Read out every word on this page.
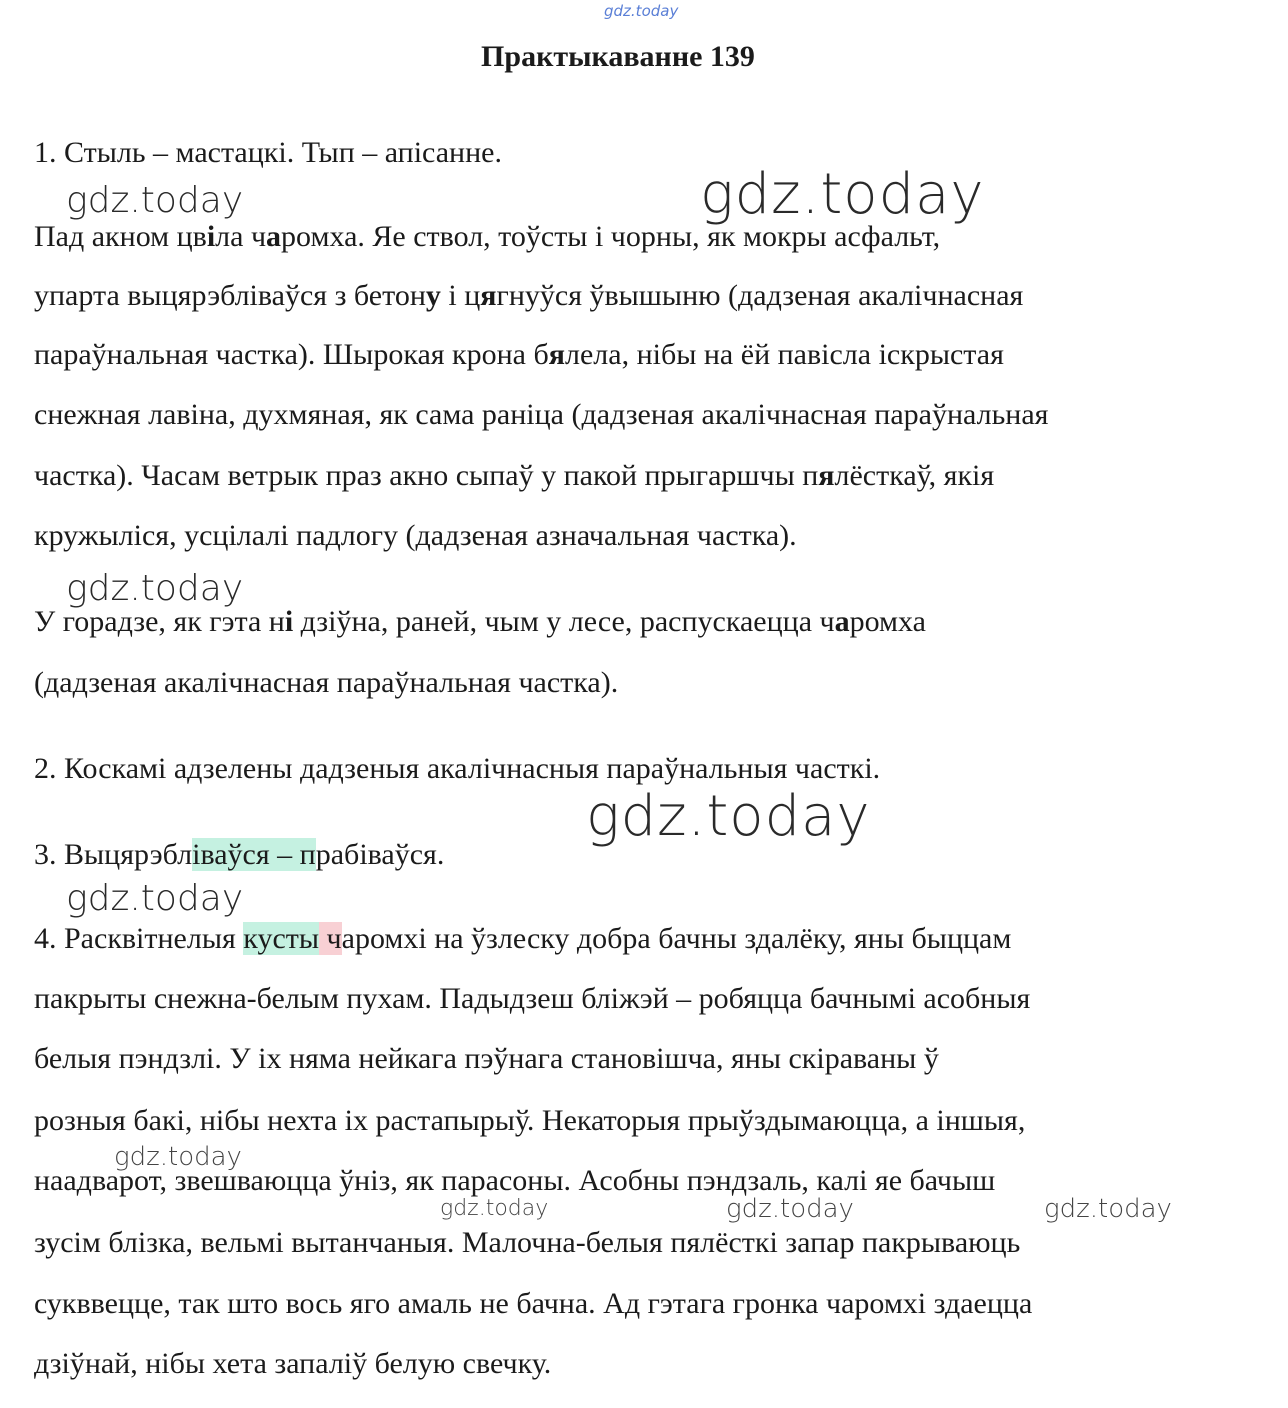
gdz.today
Практыкаванне 139
1. Стыль – мастацкі. Тып – апісанне.
gdz.today	gdz.today
Пад акном цвіла чаромха. Яе ствол, тоўсты і чорны, як мокры асфальт,
упарта выцярэблiваўся з бетону і цягнуўся ўвышыню (дадзеная акалічнасная
параўнальная частка). Шырокая крона бялела, нібы на ёй павісла іскрыстая
снежная лавіна, духмяная, як сама раніца (дадзеная акалічнасная параўнальная
частка). Часам ветрык праз акно сыпаў у пакой прыгаршчы пялёсткаў, якія
кружыліся, усцілалі падлогу (дадзеная азначальная частка).
gdz.today
У горадзе, як гэта ні дзіўна, раней, чым у лесе, распускаецца чаромха
(дадзеная акалічнасная параўнальная частка).
2. Коскамі адзелены дадзеныя акалічнасныя параўнальныя часткі.
gdz.today
3. Выцярэбліваўся – прабіваўся.
gdz.today
4. Расквітнелыя кусты чаромхі на ўзлеску добра бачны здалёку, яны быццам
пакрыты снежна-белым пухам. Падыдзеш бліжэй – робяцца бачнымі асобныя
белыя пэндзлі. У іх няма нейкага пэўнага становішча, яны скіраваны ў
розныя бакі, нібы нехта іх растапырыў. Некаторыя прыўздымаюцца, а іншыя,
gdz.today
наадварот, звешваюцца ўніз, як парасоны. Асобны пэндзаль, калі яе бачыш
gdz.today	gdz.today	gdz.today
зусім блізка, вельмі вытанчаныя. Малочна-белыя пялёсткі запар пакрываюць
сукввецце, так што вось яго амаль не бачна. Ад гэтага гронка чаромхі здаецца
дзіўнай, нібы хета запаліў белую свечку.
